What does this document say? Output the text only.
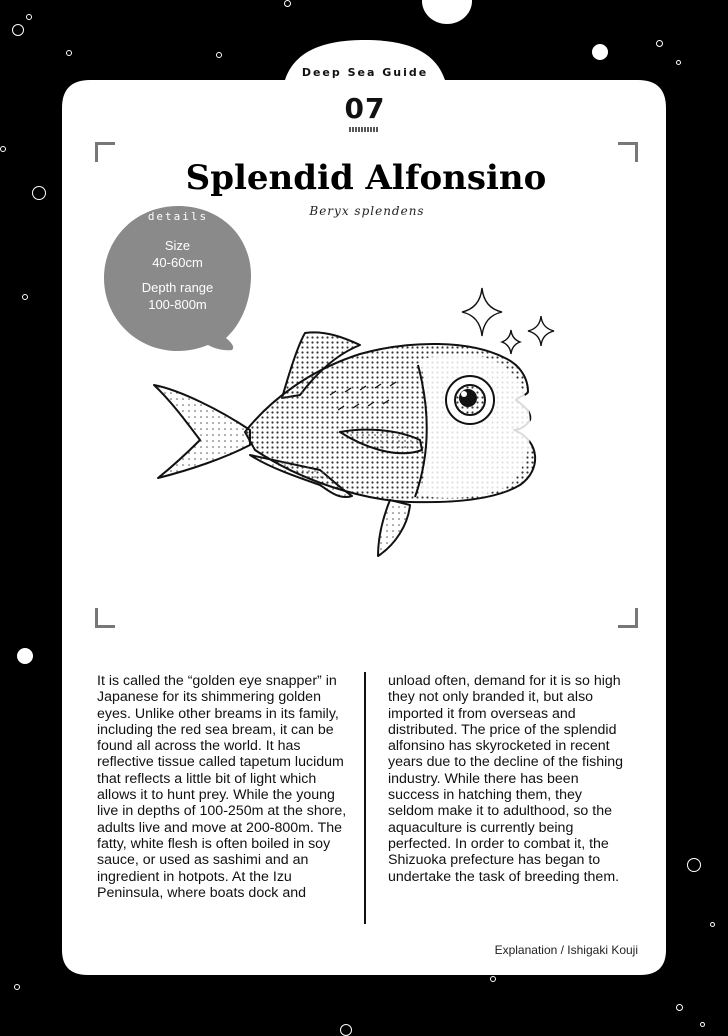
Deep Sea Guide
07
Splendid Alfonsino
Beryx splendens
details
Size
40-60cm
Depth range
100-800m
It is called the “golden eye snapper” in Japanese for its shimmering golden eyes. Unlike other breams in its family, including the red sea bream, it can be found all across the world. It has reflective tissue called tapetum lucidum that reflects a little bit of light which allows it to hunt prey. While the young live in depths of 100-250m at the shore, adults live and move at 200-800m. The fatty, white flesh is often boiled in soy sauce, or used as sashimi and an ingredient in hotpots. At the Izu Peninsula, where boats dock and
unload often, demand for it is so high they not only branded it, but also imported it from overseas and distributed. The price of the splendid alfonsino has skyrocketed in recent years due to the decline of the fishing industry. While there has been success in hatching them, they seldom make it to adulthood, so the aquaculture is currently being perfected. In order to combat it, the Shizuoka prefecture has began to undertake the task of breeding them.
Explanation / Ishigaki Kouji
